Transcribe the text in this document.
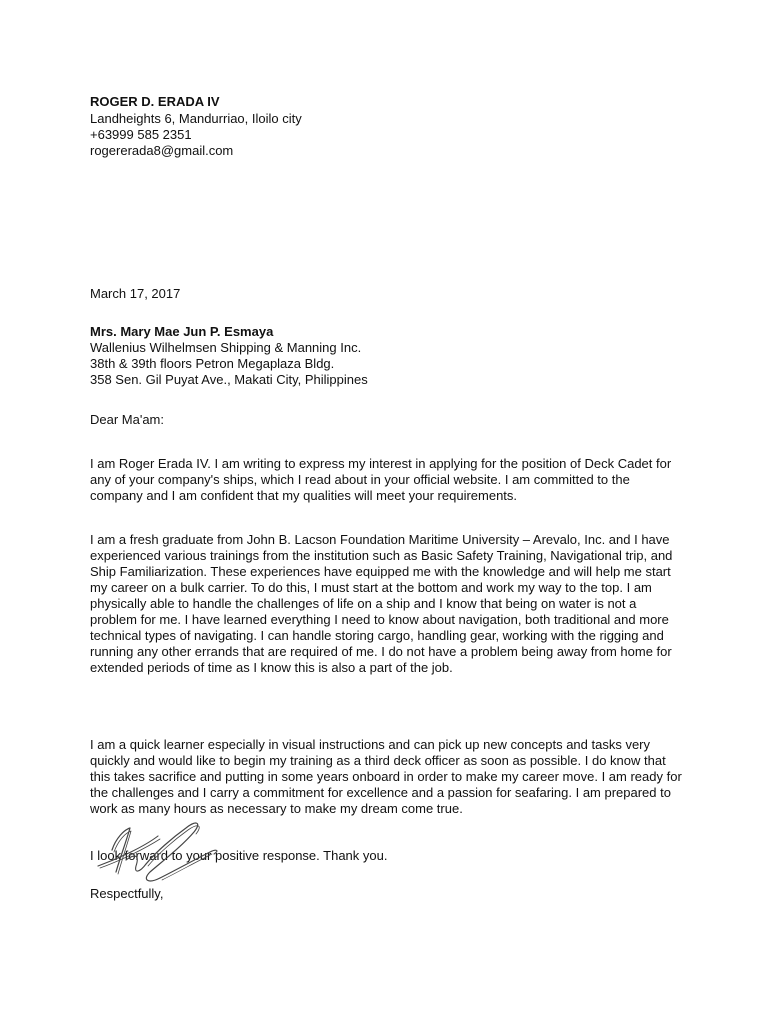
ROGER D. ERADA IV
Landheights 6, Mandurriao, Iloilo city
+63999 585 2351
rogererada8@gmail.com
March 17, 2017
Mrs. Mary Mae Jun P. Esmaya
Wallenius Wilhelmsen Shipping & Manning Inc.
38th & 39th floors Petron Megaplaza Bldg.
358 Sen. Gil Puyat Ave., Makati City, Philippines
Dear Ma'am:
I am Roger Erada IV. I am writing to express my interest in applying for the position of Deck Cadet for any of your company's ships, which I read about in your official website. I am committed to the company and I am confident that my qualities will meet your requirements.
I am a fresh graduate from John B. Lacson Foundation Maritime University – Arevalo, Inc. and I have experienced various trainings from the institution such as Basic Safety Training, Navigational trip, and Ship Familiarization. These experiences have equipped me with the knowledge and will help me start my career on a bulk carrier. To do this, I must start at the bottom and work my way to the top. I am physically able to handle the challenges of life on a ship and I know that being on water is not a problem for me. I have learned everything I need to know about navigation, both traditional and more technical types of navigating. I can handle storing cargo, handling gear, working with the rigging and running any other errands that are required of me. I do not have a problem being away from home for extended periods of time as I know this is also a part of the job.
I am a quick learner especially in visual instructions and can pick up new concepts and tasks very quickly and would like to begin my training as a third deck officer as soon as possible. I do know that this takes sacrifice and putting in some years onboard in order to make my career move. I am ready for the challenges and I carry a commitment for excellence and a passion for seafaring. I am prepared to work as many hours as necessary to make my dream come true.
I look forward to your positive response. Thank you.
Respectfully,
